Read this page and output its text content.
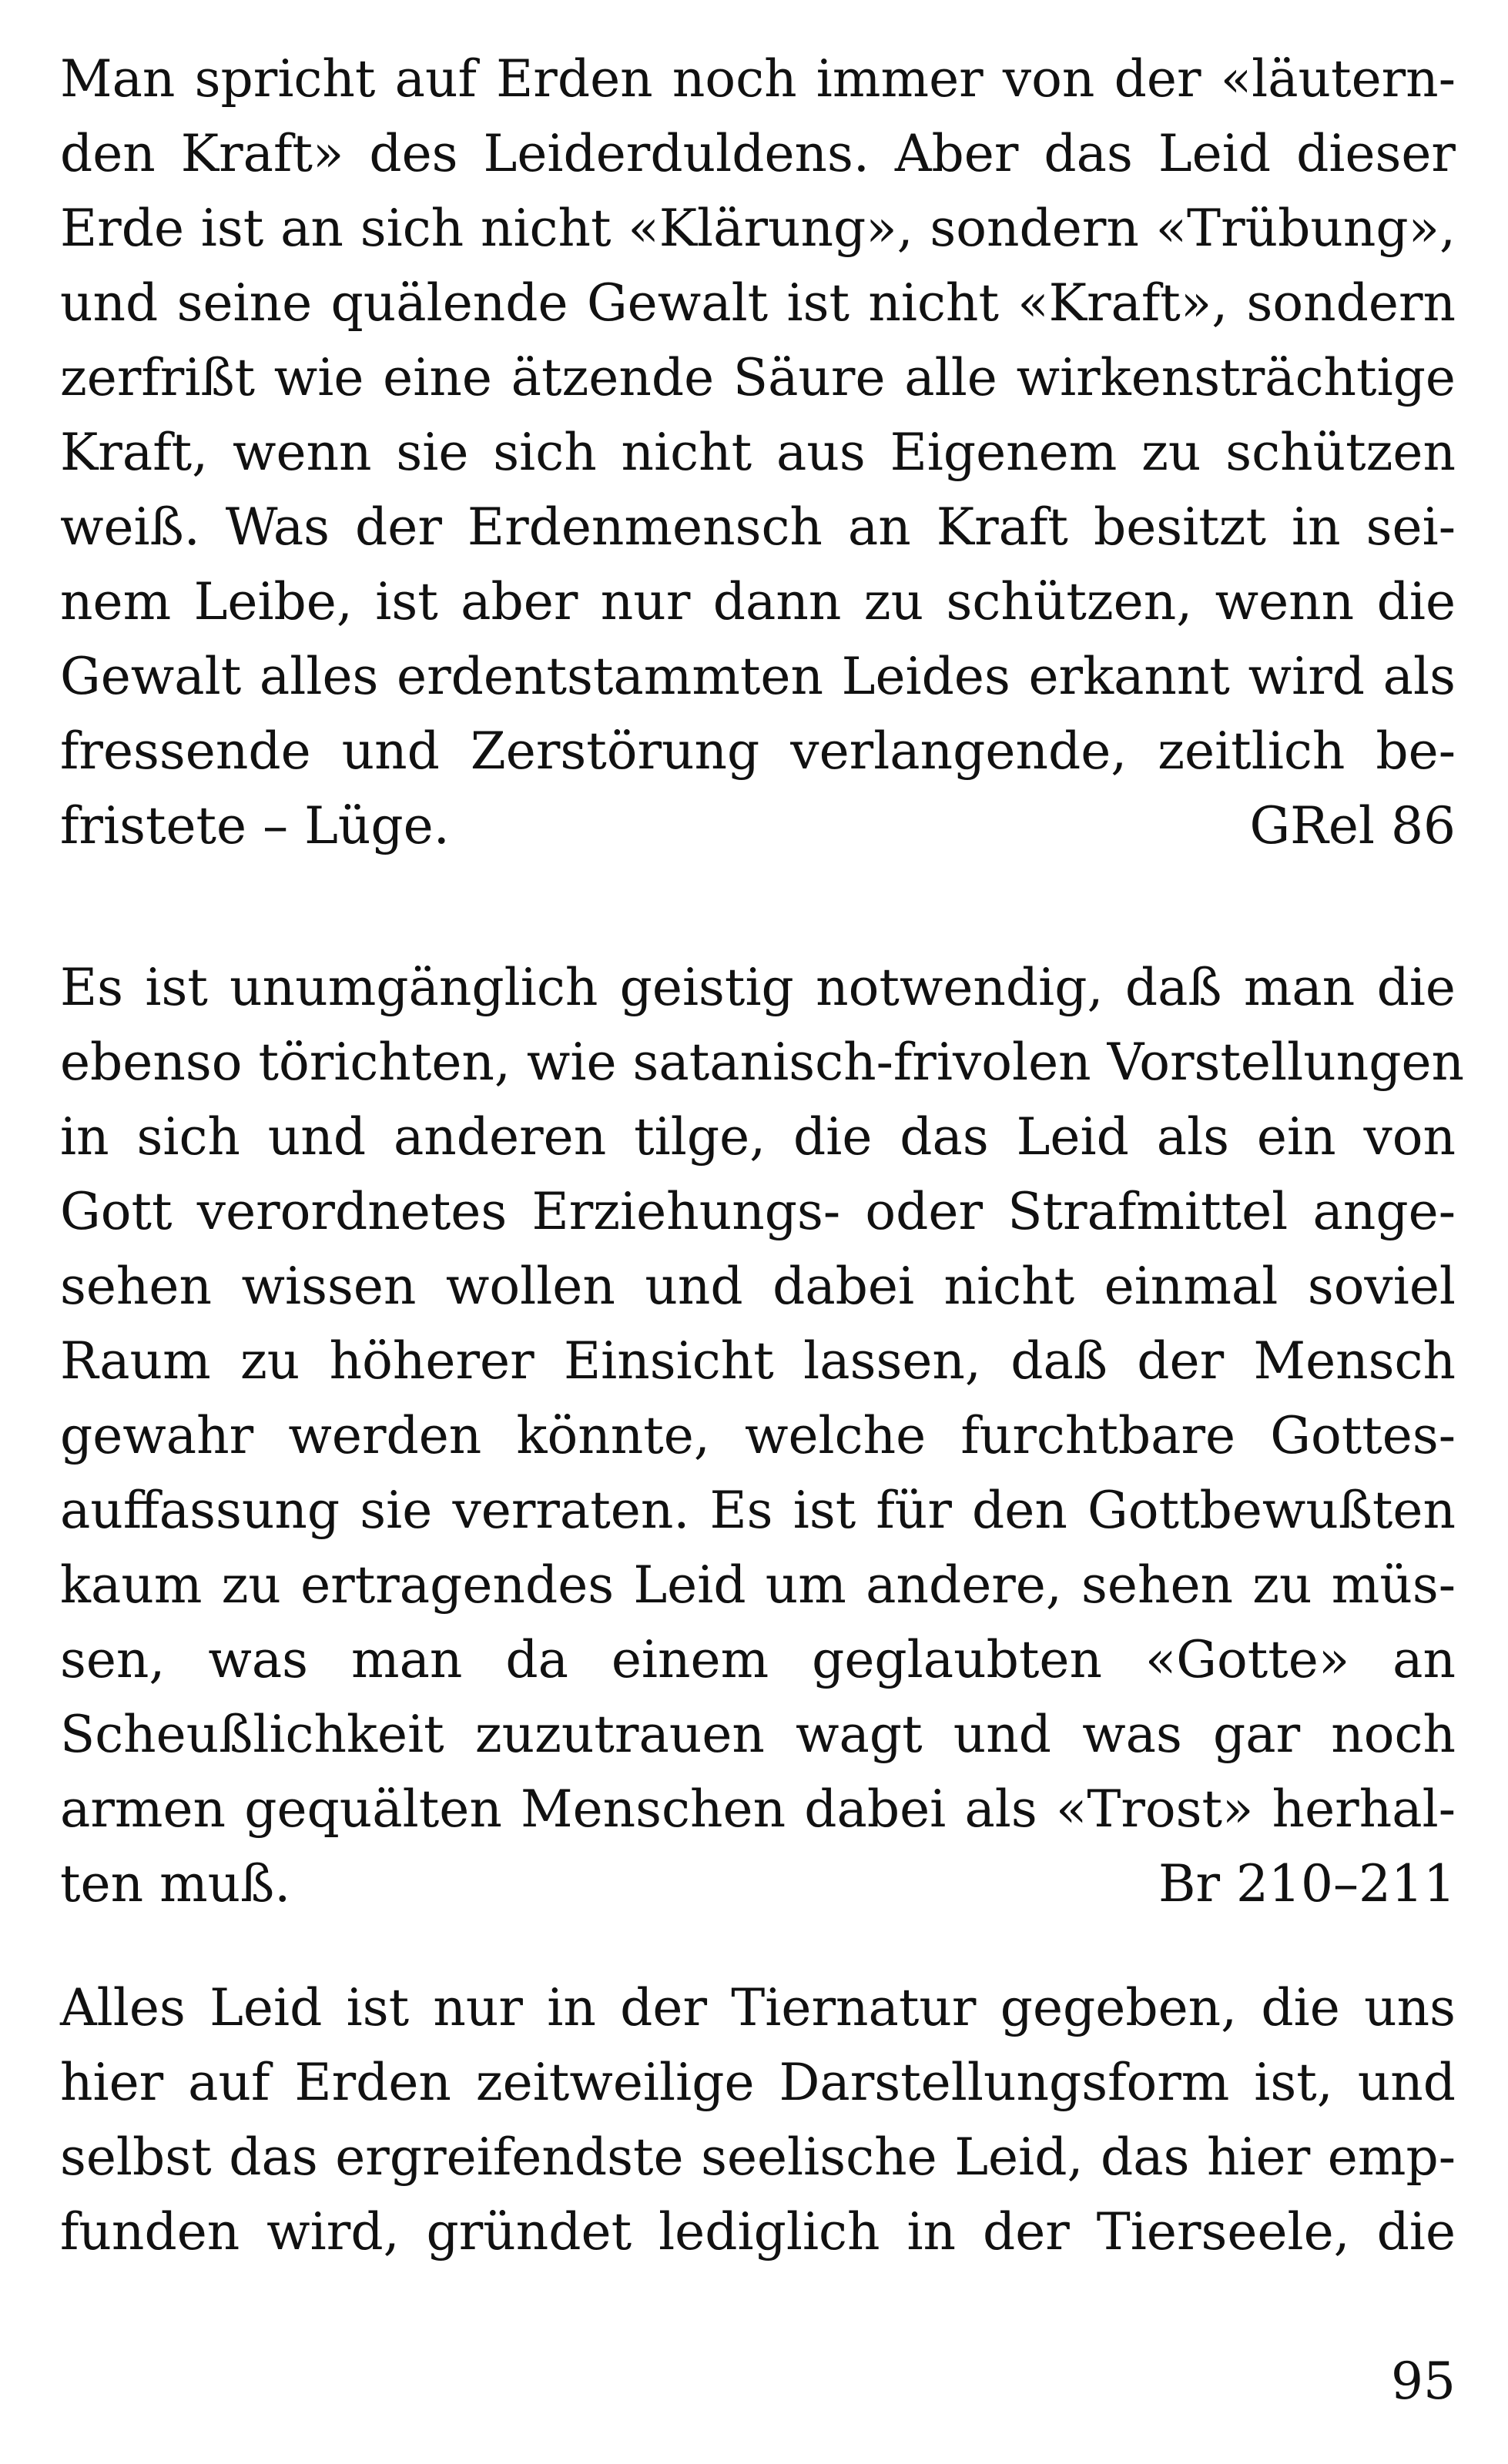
Man spricht auf Erden noch immer von der «läutern-
den Kraft» des Leiderduldens. Aber das Leid dieser
Erde ist an sich nicht «Klärung», sondern «Trübung»,
und seine quälende Gewalt ist nicht «Kraft», sondern
zerfrißt wie eine ätzende Säure alle wirkensträchtige
Kraft, wenn sie sich nicht aus Eigenem zu schützen
weiß. Was der Erdenmensch an Kraft besitzt in sei-
nem Leibe, ist aber nur dann zu schützen, wenn die
Gewalt alles erdentstammten Leides erkannt wird als
fressende und Zerstörung verlangende, zeitlich be-
fristete – Lüge.	GRel 86
Es ist unumgänglich geistig notwendig, daß man die
ebenso törichten, wie satanisch-frivolen Vorstellungen
in sich und anderen tilge, die das Leid als ein von
Gott verordnetes Erziehungs- oder Strafmittel ange-
sehen wissen wollen und dabei nicht einmal soviel
Raum zu höherer Einsicht lassen, daß der Mensch
gewahr werden könnte, welche furchtbare Gottes-
auffassung sie verraten. Es ist für den Gottbewußten
kaum zu ertragendes Leid um andere, sehen zu müs-
sen, was man da einem geglaubten «Gotte» an
Scheußlichkeit zuzutrauen wagt und was gar noch
armen gequälten Menschen dabei als «Trost» herhal-
ten muß.	Br 210–211
Alles Leid ist nur in der Tiernatur gegeben, die uns
hier auf Erden zeitweilige Darstellungsform ist, und
selbst das ergreifendste seelische Leid, das hier emp-
funden wird, gründet lediglich in der Tierseele, die
95
